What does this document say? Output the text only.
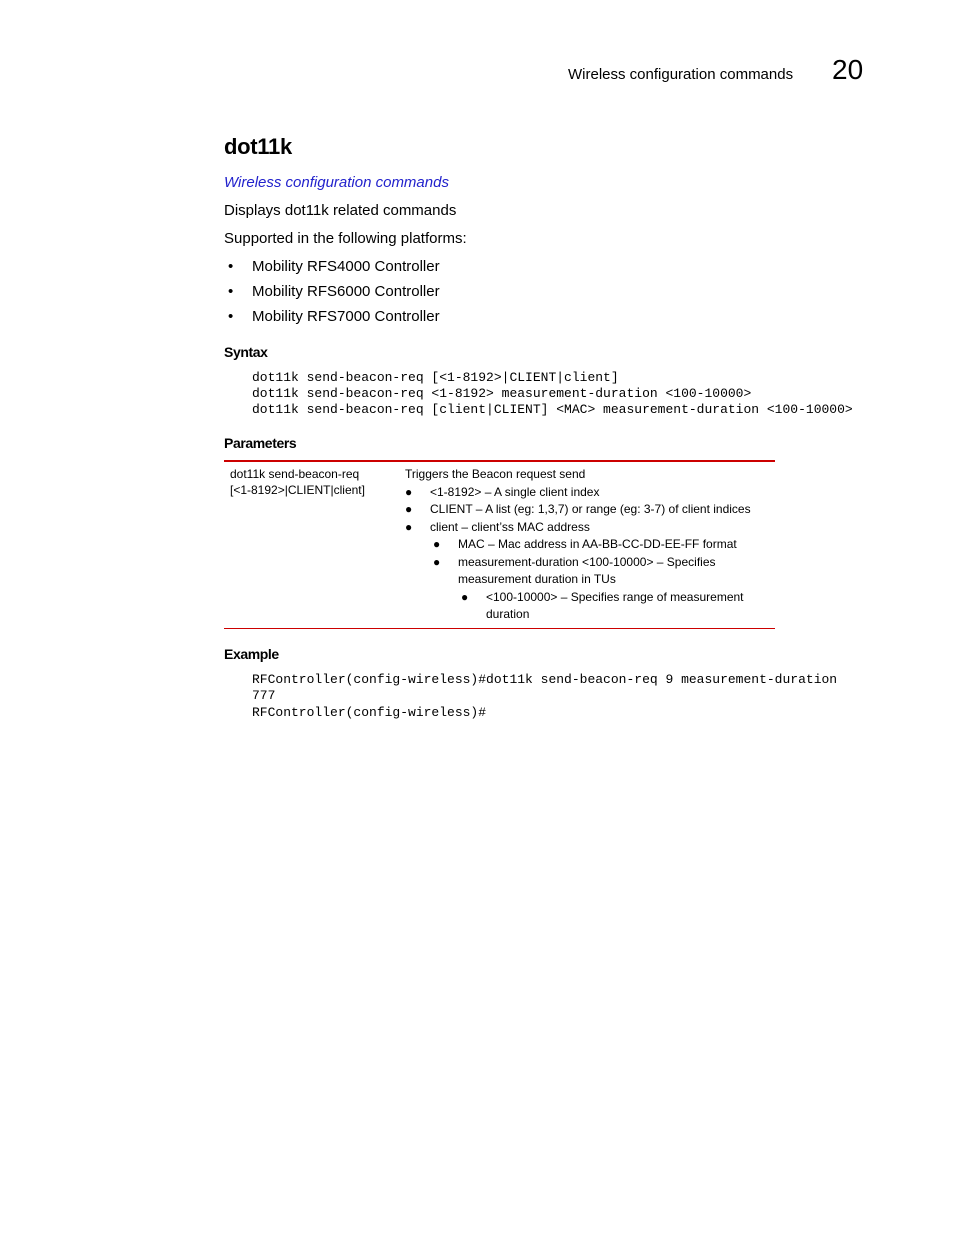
Wireless configuration commands 20
dot11k
Wireless configuration commands
Displays dot11k related commands
Supported in the following platforms:
• Mobility RFS4000 Controller
• Mobility RFS6000 Controller
• Mobility RFS7000 Controller
Syntax
dot11k send-beacon-req [<1-8192>|CLIENT|client]
dot11k send-beacon-req <1-8192> measurement-duration <100-10000>
dot11k send-beacon-req [client|CLIENT] <MAC> measurement-duration <100-10000>
Parameters
dot11k send-beacon-req
[<1-8192>|CLIENT|client]
Triggers the Beacon request send
● <1-8192> – A single client index
● CLIENT – A list (eg: 1,3,7) or range (eg: 3-7) of client indices
● client – client’ss MAC address
● MAC – Mac address in AA-BB-CC-DD-EE-FF format
● measurement-duration <100-10000> – Specifies
measurement duration in TUs
● <100-10000> – Specifies range of measurement
duration
Example
RFController(config-wireless)#dot11k send-beacon-req 9 measurement-duration
777
RFController(config-wireless)#
